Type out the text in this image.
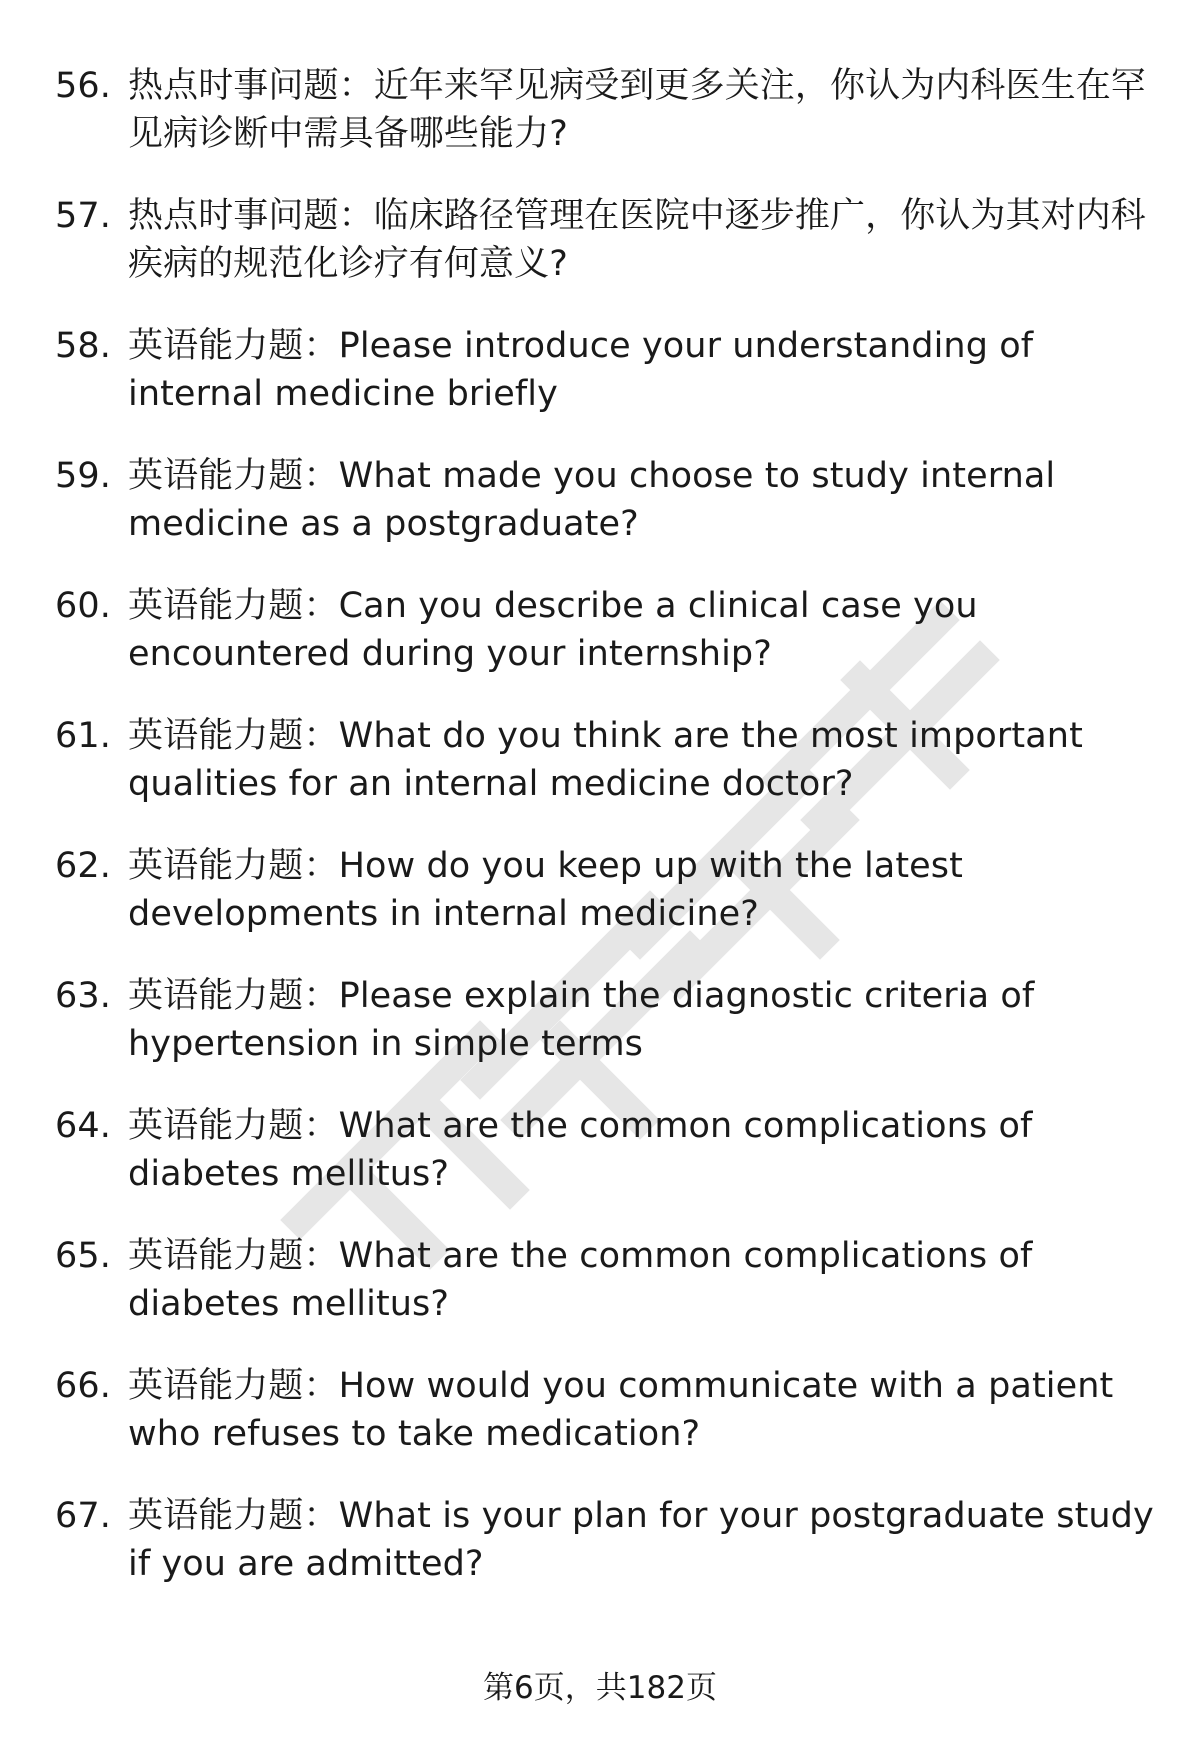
56. 热点时事问题：近年来罕见病受到更多关注，你认为内科医生在罕见病诊断中需具备哪些能力?
57. 热点时事问题：临床路径管理在医院中逐步推广，你认为其对内科疾病的规范化诊疗有何意义?
58. 英语能力题：Please introduce your understanding of internal medicine briefly
59. 英语能力题：What made you choose to study internal medicine as a postgraduate?
60. 英语能力题：Can you describe a clinical case you encountered during your internship?
61. 英语能力题：What do you think are the most important qualities for an internal medicine doctor?
62. 英语能力题：How do you keep up with the latest developments in internal medicine?
63. 英语能力题：Please explain the diagnostic criteria of hypertension in simple terms
64. 英语能力题：What are the common complications of diabetes mellitus?
65. 英语能力题：What are the common complications of diabetes mellitus?
66. 英语能力题：How would you communicate with a patient who refuses to take medication?
67. 英语能力题：What is your plan for your postgraduate study if you are admitted?
第6页，共182页
